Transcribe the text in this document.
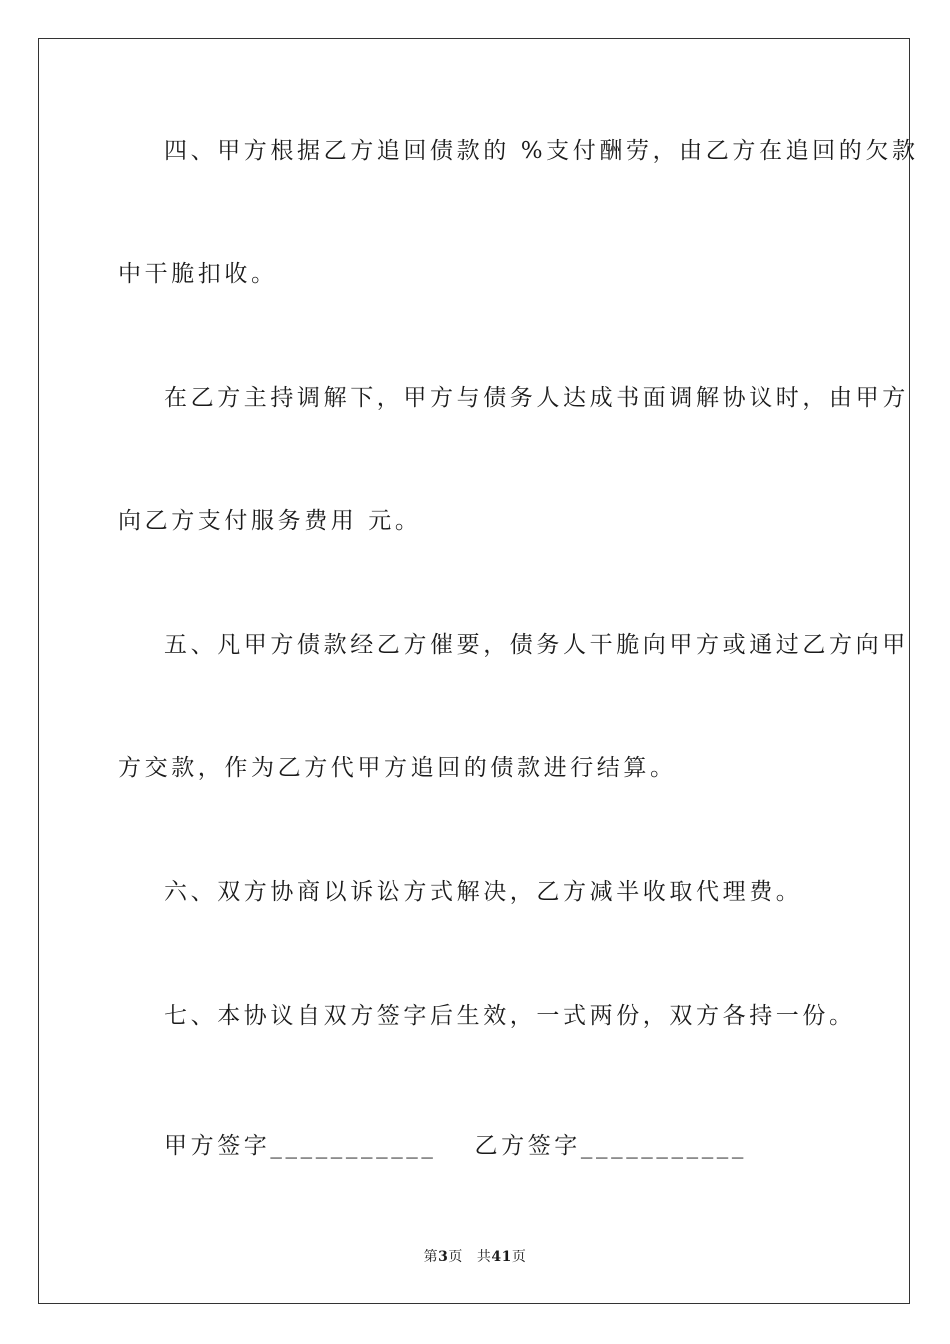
四、甲方根据乙方追回债款的 %支付酬劳，由乙方在追回的欠款
中干脆扣收。
在乙方主持调解下，甲方与债务人达成书面调解协议时，由甲方
向乙方支付服务费用 元。
五、凡甲方债款经乙方催要，债务人干脆向甲方或通过乙方向甲
方交款，作为乙方代甲方追回的债款进行结算。
六、双方协商以诉讼方式解决，乙方减半收取代理费。
七、本协议自双方签字后生效，一式两份，双方各持一份。
甲方签字___________ 乙方签字___________
第3页 共41页
